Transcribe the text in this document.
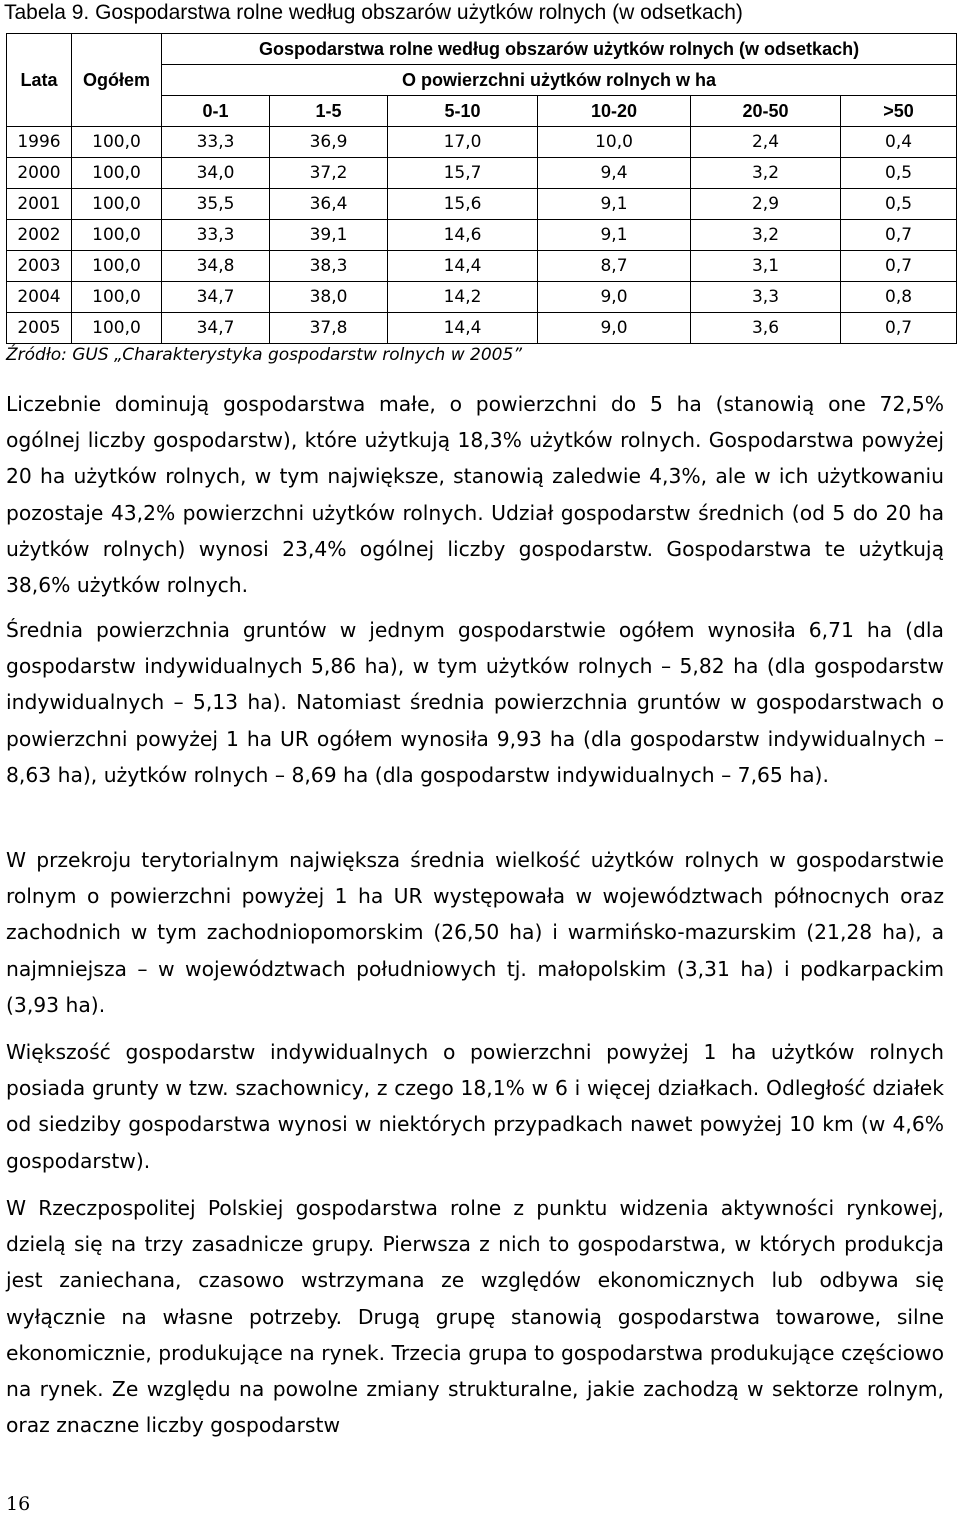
Tabela 9. Gospodarstwa rolne według obszarów użytków rolnych (w odsetkach)
Lata	Ogółem	Gospodarstwa rolne według obszarów użytków rolnych (w odsetkach)					
		O powierzchni użytków rolnych w ha					
		0-1	1-5	5-10	10-20	20-50	>50
1996	100,0	33,3	36,9	17,0	10,0	2,4	0,4
2000	100,0	34,0	37,2	15,7	9,4	3,2	0,5
2001	100,0	35,5	36,4	15,6	9,1	2,9	0,5
2002	100,0	33,3	39,1	14,6	9,1	3,2	0,7
2003	100,0	34,8	38,3	14,4	8,7	3,1	0,7
2004	100,0	34,7	38,0	14,2	9,0	3,3	0,8
2005	100,0	34,7	37,8	14,4	9,0	3,6	0,7
Źródło: GUS „Charakterystyka gospodarstw rolnych w 2005”

Liczebnie dominują gospodarstwa małe, o powierzchni do 5 ha (stanowią one 72,5% ogólnej liczby gospodarstw), które użytkują 18,3% użytków rolnych. Gospodarstwa powyżej 20 ha użytków rolnych, w tym największe, stanowią zaledwie 4,3%, ale w ich użytkowaniu pozostaje 43,2% powierzchni użytków rolnych. Udział gospodarstw średnich (od 5 do 20 ha użytków rolnych) wynosi 23,4% ogólnej liczby gospodarstw. Gospodarstwa te użytkują 38,6% użytków rolnych.

Średnia powierzchnia gruntów w jednym gospodarstwie ogółem wynosiła 6,71 ha (dla gospodarstw indywidualnych 5,86 ha), w tym użytków rolnych – 5,82 ha (dla gospodarstw indywidualnych – 5,13 ha). Natomiast średnia powierzchnia gruntów w gospodarstwach o powierzchni powyżej 1 ha UR ogółem wynosiła 9,93 ha (dla gospodarstw indywidualnych – 8,63 ha), użytków rolnych – 8,69 ha (dla gospodarstw indywidualnych – 7,65 ha).

W przekroju terytorialnym największa średnia wielkość użytków rolnych w gospodarstwie rolnym o powierzchni powyżej 1 ha UR występowała w województwach północnych oraz zachodnich w tym zachodniopomorskim (26,50 ha) i warmińsko-mazurskim (21,28 ha), a najmniejsza – w województwach południowych tj. małopolskim (3,31 ha) i podkarpackim (3,93 ha).

Większość gospodarstw indywidualnych o powierzchni powyżej 1 ha użytków rolnych posiada grunty w tzw. szachownicy, z czego 18,1% w 6 i więcej działkach. Odległość działek od siedziby gospodarstwa wynosi w niektórych przypadkach nawet powyżej 10 km (w 4,6% gospodarstw).

W Rzeczpospolitej Polskiej gospodarstwa rolne z punktu widzenia aktywności rynkowej, dzielą się na trzy zasadnicze grupy. Pierwsza z nich to gospodarstwa, w których produkcja jest zaniechana, czasowo wstrzymana ze względów ekonomicznych lub odbywa się wyłącznie na własne potrzeby. Drugą grupę stanowią gospodarstwa towarowe, silne ekonomicznie, produkujące na rynek. Trzecia grupa to gospodarstwa produkujące częściowo na rynek. Ze względu na powolne zmiany strukturalne, jakie zachodzą w sektorze rolnym, oraz znaczne liczby gospodarstw

16
